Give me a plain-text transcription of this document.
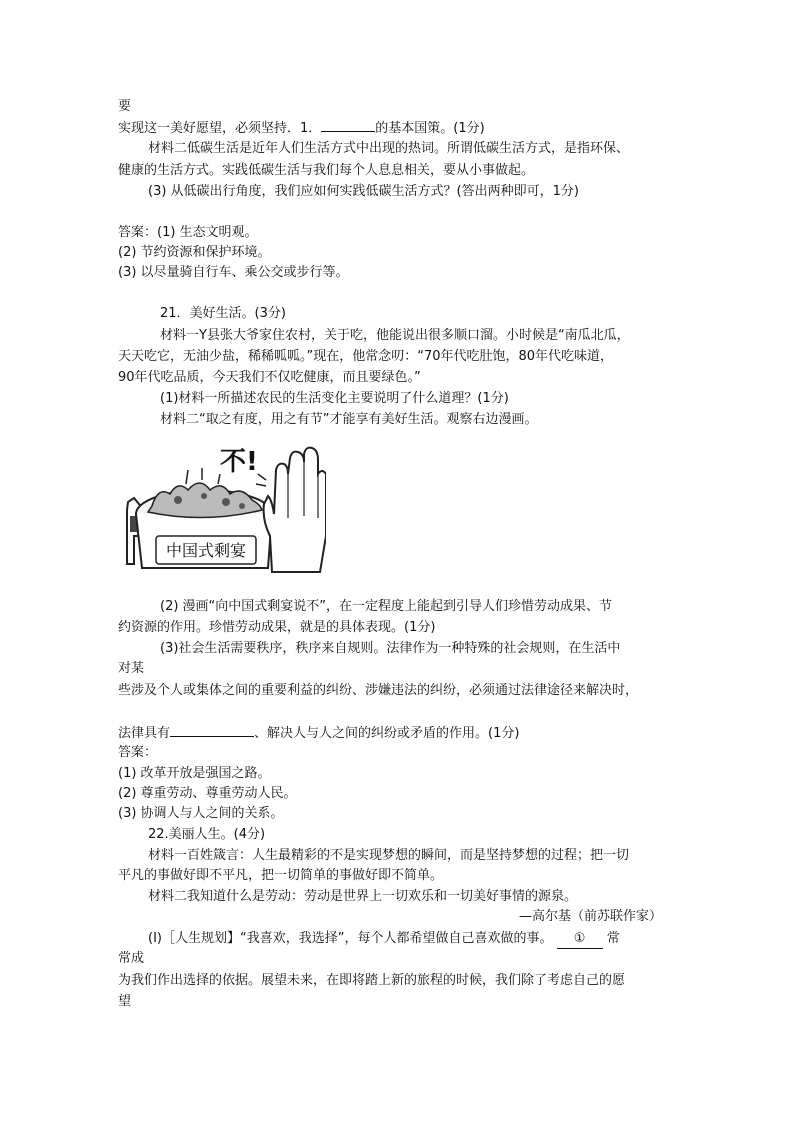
要
实现这一美好愿望，必须坚持．1．	的基本国策。(1分)
材料二低碳生活是近年人们生活方式中出现的热词。所谓低碳生活方式，是指环保、
健康的生活方式。实践低碳生活与我们每个人息息相关，要从小事做起。
(3) 从低碳出行角度，我们应如何实践低碳生活方式？(答出两种即可，1分)
答案：(1) 生态文明观。
(2) 节约资源和保护环境。
(3) 以尽量骑自行车、乘公交或步行等。
21．美好生活。(3分)
材料一Y县张大爷家住农村，关于吃，他能说出很多顺口溜。小时候是“南瓜北瓜，
天天吃它，无油少盐，稀稀呱呱。”现在，他常念叨：“70年代吃肚饱，80年代吃味道，
90年代吃品质，今天我们不仅吃健康，而且要绿色。”
(1)材料一所描述农民的生活变化主要说明了什么道理？(1分)
材料二“取之有度，用之有节”才能享有美好生活。观察右边漫画。
中国式剩宴
不!
(2) 漫画“向中国式剩宴说不”，在一定程度上能起到引导人们珍惜劳动成果、节
约资源的作用。珍惜劳动成果，就是的具体表现。(1分)
(3)社会生活需要秩序，秩序来自规则。法律作为一种特殊的社会规则，在生活中
对某
些涉及个人或集体之间的重要利益的纠纷、涉嫌违法的纠纷，必须通过法律途径来解决时，
法律具有	、解决人与人之间的纠纷或矛盾的作用。(1分)
答案：
(1) 改革开放是强国之路。
(2) 尊重劳动、尊重劳动人民。
(3) 协调人与人之间的关系。
22.美丽人生。(4分)
材料一百姓箴言：人生最精彩的不是实现梦想的瞬间，而是坚持梦想的过程；把一切
平凡的事做好即不平凡，把一切简单的事做好即不简单。
材料二我知道什么是劳动：劳动是世界上一切欢乐和一切美好事情的源泉。
—高尔基（前苏联作家）
(I)［人生规划】“我喜欢，我选择”，每个人都希望做自己喜欢做的事。 ① 常
常成
为我们作出选择的依据。展望未来，在即将踏上新的旅程的时候，我们除了考虑自己的愿
望
